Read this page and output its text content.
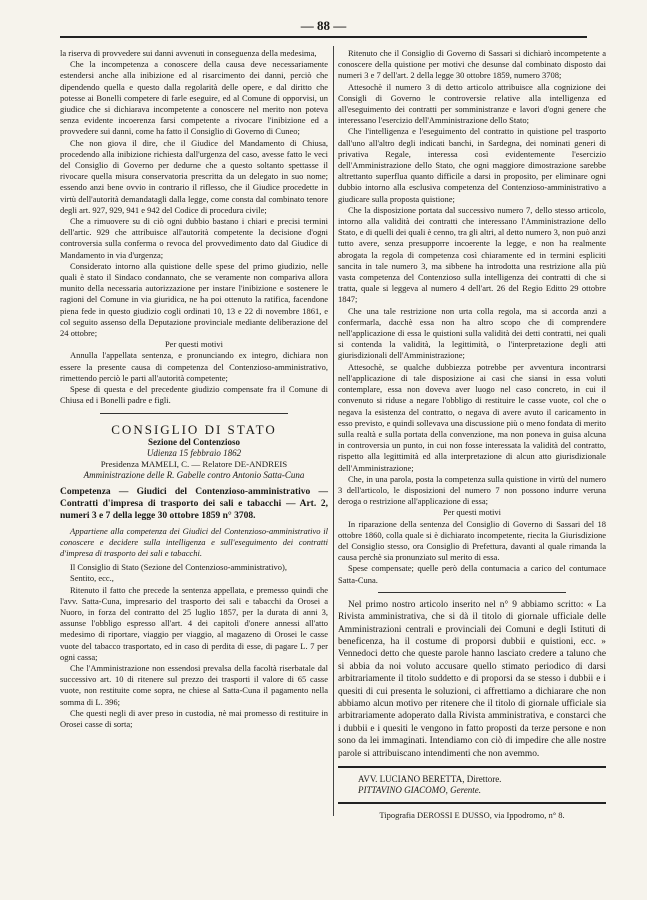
— 88 —

la riserva di provvedere sui danni avvenuti in conseguenza della medesima,

Che la incompetenza a conoscere della causa deve necessariamente estendersi anche alla inibizione ed al risarcimento dei danni, perciò che dipendendo quella e questo dalla regolarità delle opere, e dal diritto che potesse ai Bonelli competere di farle eseguire, ed al Comune di opporvisi, un giudice che si dichiarava incompetente a conoscere nel merito non poteva senza evidente incoerenza farsi competente a rivocare l'inibizione ed a provvedere sui danni, come ha fatto il Consiglio di Governo di Cuneo;

Che non giova il dire, che il Giudice del Mandamento di Chiusa, procedendo alla inibizione richiesta dall'urgenza del caso, avesse fatto le veci del Consiglio di Governo per dedurne che a questo soltanto spettasse il rivocare quella misura conservatoria prescritta da un delegato in suo nome; essendo anzi bene ovvio in contrario il riflesso, che il Giudice procedette in virtù dell'autorità demandatagli dalla legge, come consta dal combinato tenore degli art. 927, 929, 941 e 942 del Codice di procedura civile;

Che a rimuovere su di ciò ogni dubbio bastano i chiari e precisi termini dell'artic. 929 che attribuisce all'autorità competente la decisione d'ogni controversia sulla conferma o revoca del provvedimento dato dal Giudice di Mandamento in via d'urgenza;

Considerato intorno alla quistione delle spese del primo giudizio, nelle quali è stato il Sindaco condannato, che se veramente non compariva allora munito della necessaria autorizzazione per instare l'inibizione e sostenere le ragioni del Comune in via giuridica, ne ha poi ottenuto la ratifica, facendone piena fede in questo giudizio cogli ordinati 10, 13 e 22 di novembre 1861, e col seguito assenso della Deputazione provinciale mediante deliberazione del 24 ottobre;

Per questi motivi

Annulla l'appellata sentenza, e pronunciando ex integro, dichiara non essere la presente causa di competenza del Contenzioso-amministrativo, rimettendo perciò le parti all'autorità competente;

Spese di questa e del precedente giudizio compensate fra il Comune di Chiusa ed i Bonelli padre e figli.

CONSIGLIO DI STATO

Sezione del Contenzioso

Udienza 15 febbraio 1862

Presidenza MAMELI, C. — Relatore DE-ANDREIS

Amministrazione delle R. Gabelle contro Antonio Satta-Cuna

Competenza — Giudici del Contenzioso-amministrativo — Contratti d'impresa di trasporto dei sali e tabacchi — Art. 2, numeri 3 e 7 della legge 30 ottobre 1859 n° 3708.

Appartiene alla competenza dei Giudici del Contenzioso-amministrativo il conoscere e decidere sulla intelligenza e sull'eseguimento dei contratti d'impresa di trasporto dei sali e tabacchi.

Il Consiglio di Stato (Sezione del Contenzioso-amministrativo),

Sentito, ecc.,

Ritenuto il fatto che precede la sentenza appellata, e premesso quindi che l'avv. Satta-Cuna, impresario del trasporto dei sali e tabacchi da Orosei a Nuoro, in forza del contratto del 25 luglio 1857, per la durata di anni 3, assunse l'obbligo espresso all'art. 4 dei capitoli d'onere annessi all'atto medesimo di riportare, viaggio per viaggio, al magazeno di Orosei le casse vuote del tabacco trasportato, ed in caso di perdita di esse, di pagare L. 7 per ogni cassa;

Che l'Amministrazione non essendosi prevalsa della facoltà riserbatale dal successivo art. 10 di ritenere sul prezzo dei trasporti il valore di 65 casse vuote, non restituite come sopra, ne chiese al Satta-Cuna il pagamento nella somma di L. 396;

Che questi negli di aver preso in custodia, nè mai promesso di restituire in Orosei casse di sorta;

Ritenuto che il Consiglio di Governo di Sassari si dichiarò incompetente a conoscere della quistione per motivi che desunse dal combinato disposto dai numeri 3 e 7 dell'art. 2 della legge 30 ottobre 1859, numero 3708;

Attesochè il numero 3 di detto articolo attribuisce alla cognizione dei Consigli di Governo le controversie relative alla intelligenza ed all'eseguimento dei contratti per somministranze e lavori d'ogni genere che interessano l'esercizio dell'Amministrazione dello Stato;

Che l'intelligenza e l'eseguimento del contratto in quistione pel trasporto dall'uno all'altro degli indicati banchi, in Sardegna, dei nominati generi di privativa Regale, interessa così evidentemente l'esercizio dell'Amministrazione dello Stato, che ogni maggiore dimostrazione sarebbe altrettanto superflua quanto difficile a darsi in proposito, per eliminare ogni dubbio intorno alla esclusiva competenza del Contenzioso-amministrativo a giudicare sulla proposta quistione;

Che la disposizione portata dal successivo numero 7, dello stesso articolo, intorno alla validità dei contratti che interessano l'Amministrazione dello Stato, e di quelli dei quali è cenno, tra gli altri, al detto numero 3, non può anzi tutto avere, senza presupporre incoerente la legge, e non ha realmente abrogata la regola di competenza così chiaramente ed in termini espliciti sancita in tale numero 3, ma sibbene ha introdotta una restrizione alla più vasta competenza del Contenzioso sulla intelligenza dei contratti di che si tratta, quale si leggeva al numero 4 dell'art. 26 del Regio Editto 29 ottobre 1847;

Che una tale restrizione non urta colla regola, ma si accorda anzi a confermarla, dacchè essa non ha altro scopo che di comprendere nell'applicazione di essa le quistioni sulla validità dei detti contratti, nei quali si contenda la validità, la legittimità, o l'interpretazione degli atti giurisdizionali dell'Amministrazione;

Attesochè, se qualche dubbiezza potrebbe per avventura incontrarsi nell'applicazione di tale disposizione ai casi che siansi in essa voluti contemplare, essa non doveva aver luogo nel caso concreto, in cui il convenuto si riduse a negare l'obbligo di restituire le casse vuote, col che o negava la esistenza del contratto, o negava di avere avuto il caricamento in esso previsto, e quindi sollevava una discussione più o meno fondata di merito sulla realtà e sulla portata della convenzione, ma non poneva in guisa alcuna in controversia un punto, in cui non fosse interessata la validità del contratto, rispetto alla legittimità ed alla interpretazione di alcun atto giurisdizionale dell'Amministrazione;

Che, in una parola, posta la competenza sulla quistione in virtù del numero 3 dell'articolo, le disposizioni del numero 7 non possono indurre veruna deroga o restrizione all'applicazione di essa;

Per questi motivi

In riparazione della sentenza del Consiglio di Governo di Sassari del 18 ottobre 1860, colla quale si è dichiarato incompetente, riecita la Giurisdizione del Consiglio stesso, ora Consiglio di Prefettura, davanti al quale rimanda la causa perchè sia pronunziato sul merito di essa.

Spese compensate; quelle però della contumacia a carico del contumace Satta-Cuna.

Nel primo nostro articolo inserito nel n° 9 abbiamo scritto: « La Rivista amministrativa, che si dà il titolo di giornale ufficiale delle Amministrazioni centrali e provinciali dei Comuni e degli Istituti di beneficenza, ha il costume di proporsi dubbii e quistioni, ecc. » Vennedoci detto che queste parole hanno lasciato credere a taluno che si abbia da noi voluto accusare quello stimato periodico di darsi arbitrariamente il titolo suddetto e di proporsi da se stesso i dubbii e i quesiti di cui presenta le soluzioni, ci affrettiamo a dichiarare che non abbiamo alcun motivo per ritenere che il titolo di giornale ufficiale sia arbitrariamente adoperato dalla Rivista amministrativa, e constarci che i dubbii e i quesiti le vengono in fatto proposti da terze persone e non sono da lei immaginati. Intendiamo con ciò di impedire che alle nostre parole si attribuiscano intendimenti che non avemmo.

AVV. LUCIANO BERETTA, Direttore.

PITTAVINO GIACOMO, Gerente.

Tipografia DEROSSI E DUSSO, via Ippodromo, n° 8.
